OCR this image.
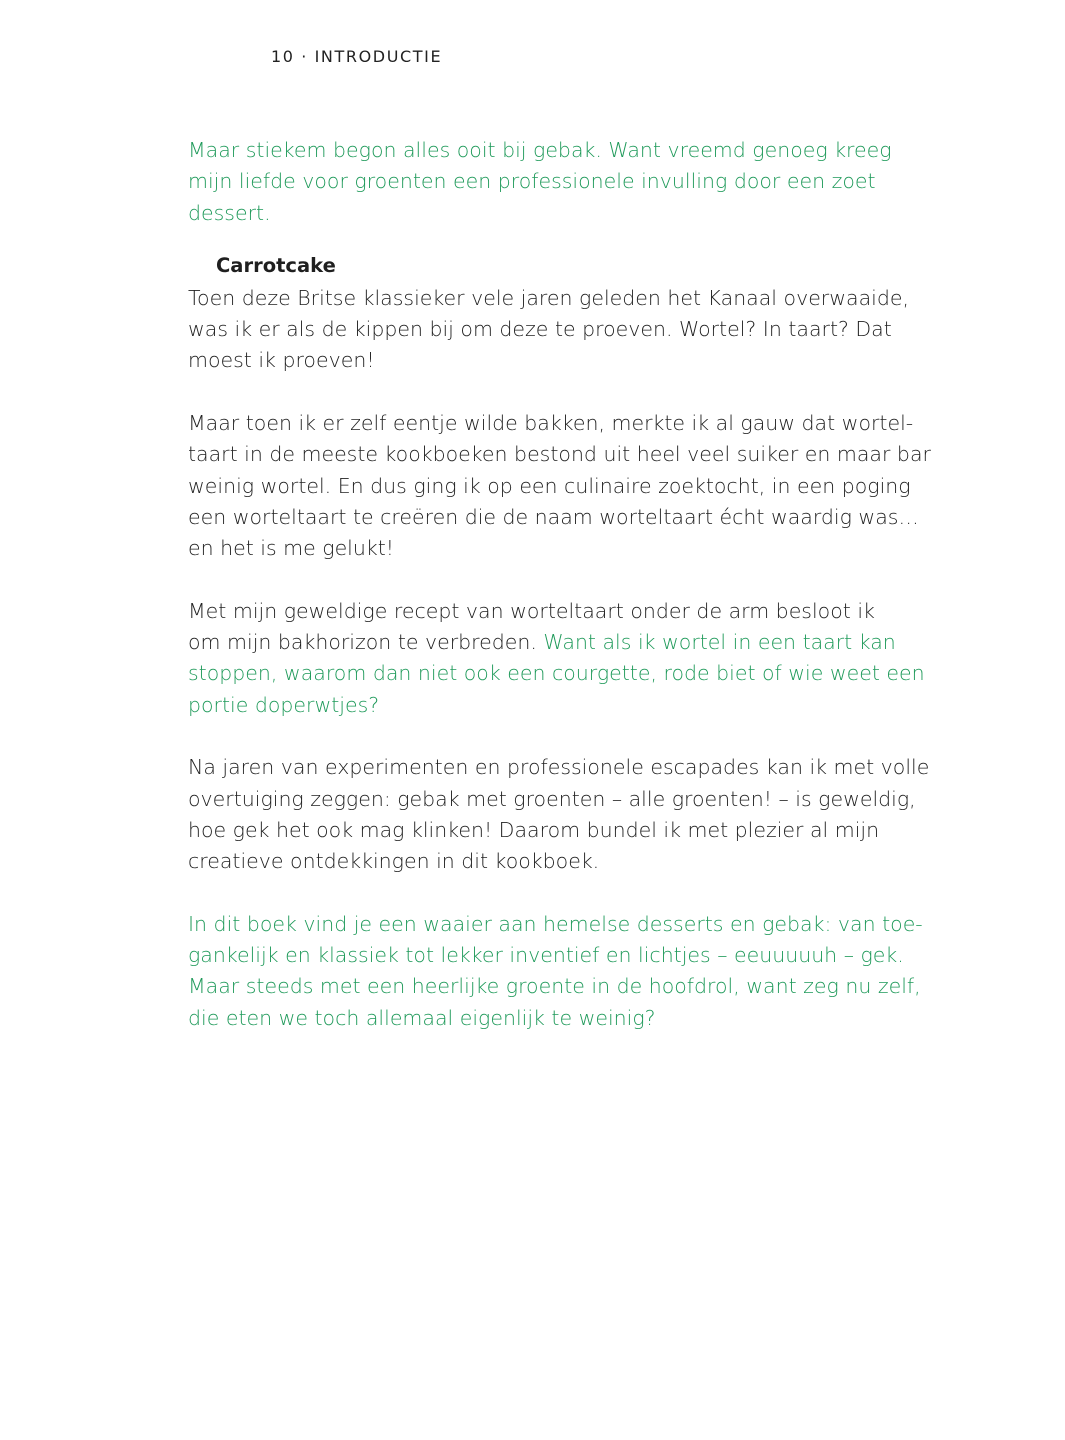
10 · INTRODUCTIE

Maar stiekem begon alles ooit bij gebak. Want vreemd genoeg kreeg
mijn liefde voor groenten een professionele invulling door een zoet
dessert.

Carrotcake

Toen deze Britse klassieker vele jaren geleden het Kanaal overwaaide,
was ik er als de kippen bij om deze te proeven. Wortel? In taart? Dat
moest ik proeven!

Maar toen ik er zelf eentje wilde bakken, merkte ik al gauw dat wortel-
taart in de meeste kookboeken bestond uit heel veel suiker en maar bar
weinig wortel. En dus ging ik op een culinaire zoektocht, in een poging
een worteltaart te creëren die de naam worteltaart écht waardig was…
en het is me gelukt!

Met mijn geweldige recept van worteltaart onder de arm besloot ik
om mijn bakhorizon te verbreden. Want als ik wortel in een taart kan
stoppen, waarom dan niet ook een courgette, rode biet of wie weet een
portie doperwtjes?

Na jaren van experimenten en professionele escapades kan ik met volle
overtuiging zeggen: gebak met groenten – alle groenten! – is geweldig,
hoe gek het ook mag klinken! Daarom bundel ik met plezier al mijn
creatieve ontdekkingen in dit kookboek.

In dit boek vind je een waaier aan hemelse desserts en gebak: van toe-
gankelijk en klassiek tot lekker inventief en lichtjes – eeuuuuuh – gek.
Maar steeds met een heerlijke groente in de hoofdrol, want zeg nu zelf,
die eten we toch allemaal eigenlijk te weinig?
